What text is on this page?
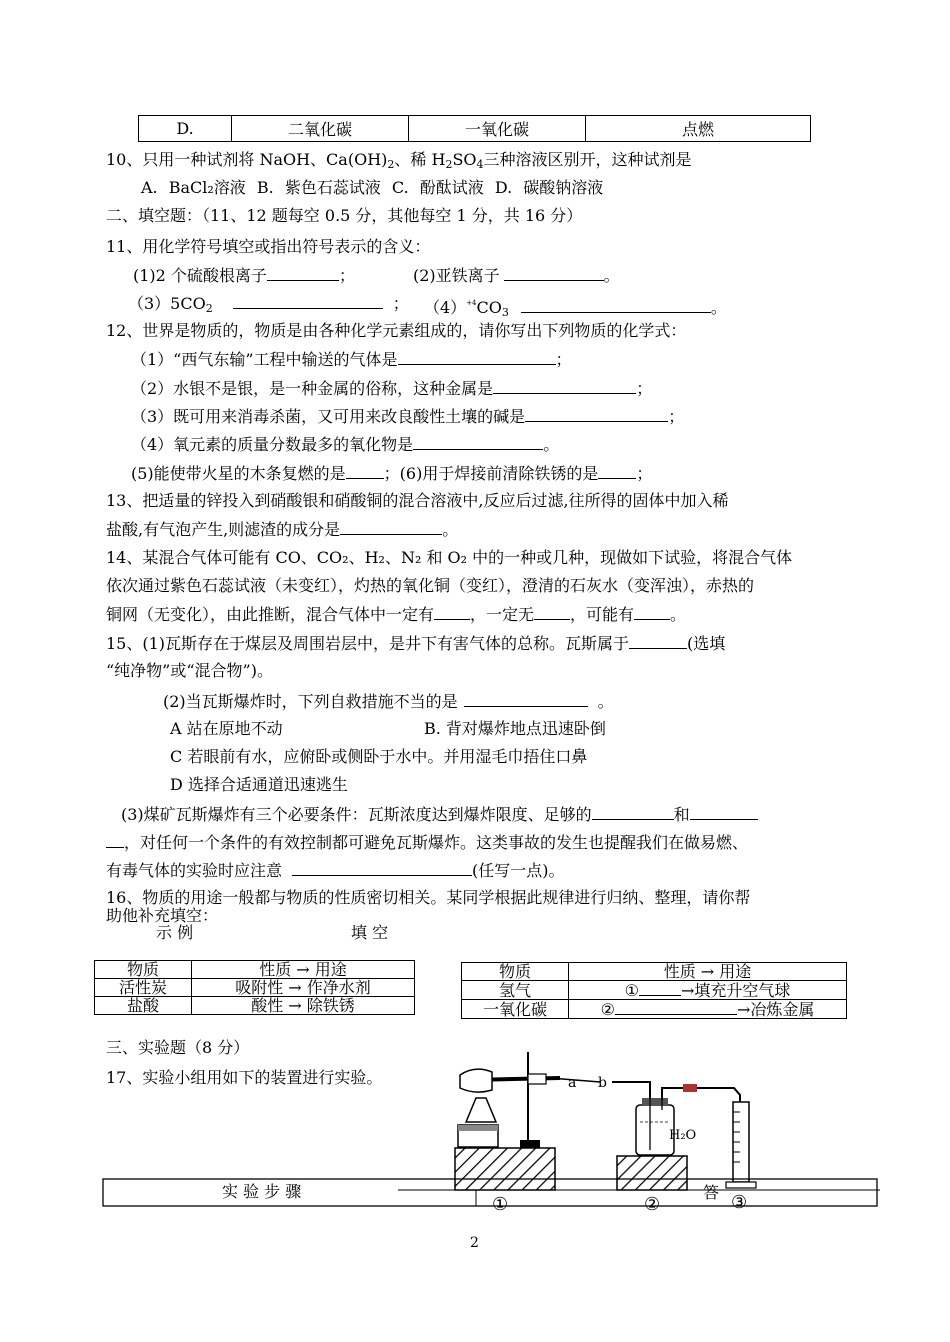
D.	二氧化碳	一氧化碳	点燃
10、只用一种试剂将 NaOH、$Ca(OH)_2$、稀 $H_2SO_4$三种溶液区别开，这种试剂是
A. BaCl₂溶液 B. 紫色石蕊试液 C. 酚酞试液 D. 碳酸钠溶液
二、填空题：（11、12 题每空 0.5 分，其他每空 1 分，共 16 分）
11、用化学符号填空或指出符号表示的含义：
(1)2 个硫酸根离子	；	(2)亚铁离子	。
$(3)5CO_2$	； $(4)^{+4}CO_3$	。
12、世界是物质的，物质是由各种化学元素组成的，请你写出下列物质的化学式：
（1）“西气东输”工程中输送的气体是	；
（2）水银不是银，是一种金属的俗称，这种金属是	；
（3）既可用来消毒杀菌，又可用来改良酸性土壤的碱是	；
（4）氧元素的质量分数最多的氧化物是	。
(5)能使带火星的木条复燃的是 ；(6)用于焊接前清除铁锈的是 ；
13、把适量的锌投入到硝酸银和硝酸铜的混合溶液中,反应后过滤,往所得的固体中加入稀
盐酸,有气泡产生,则滤渣的成分是	。
14、某混合气体可能有 CO、CO₂、H₂、N₂ 和 O₂ 中的一种或几种，现做如下试验，将混合气体
依次通过紫色石蕊试液（未变红），灼热的氧化铜（变红），澄清的石灰水（变浑浊），赤热的
铜网（无变化），由此推断，混合气体中一定有 ，一定无 ，可能有 。
15、(1)瓦斯存在于煤层及周围岩层中，是井下有害气体的总称。瓦斯属于	(选填
“纯净物”或“混合物”)。
(2)当瓦斯爆炸时，下列自救措施不当的是	。
A 站在原地不动	B. 背对爆炸地点迅速卧倒
C 若眼前有水，应俯卧或侧卧于水中。并用湿毛巾捂住口鼻
D 选择合适通道迅速逃生
(3)煤矿瓦斯爆炸有三个必要条件：瓦斯浓度达到爆炸限度、足够的	和
，对任何一个条件的有效控制都可避免瓦斯爆炸。这类事故的发生也提醒我们在做易燃、
有毒气体的实验时应注意	(任写一点)。
16、物质的用途一般都与物质的性质密切相关。某同学根据此规律进行归纳、整理，请你帮
助他补充填空：
示 例	填 空
物质	性质 → 用途
活性炭	吸附性 → 作净水剂
盐酸	酸性 → 除铁锈
物质	性质 → 用途
氢气	① →填充升空气球
一氧化碳	② →冶炼金属
三、实验题（8 分）
17、实验小组用如下的装置进行实验。	a b
H₂O
实 验 步 骤	答
①	②	③
2
